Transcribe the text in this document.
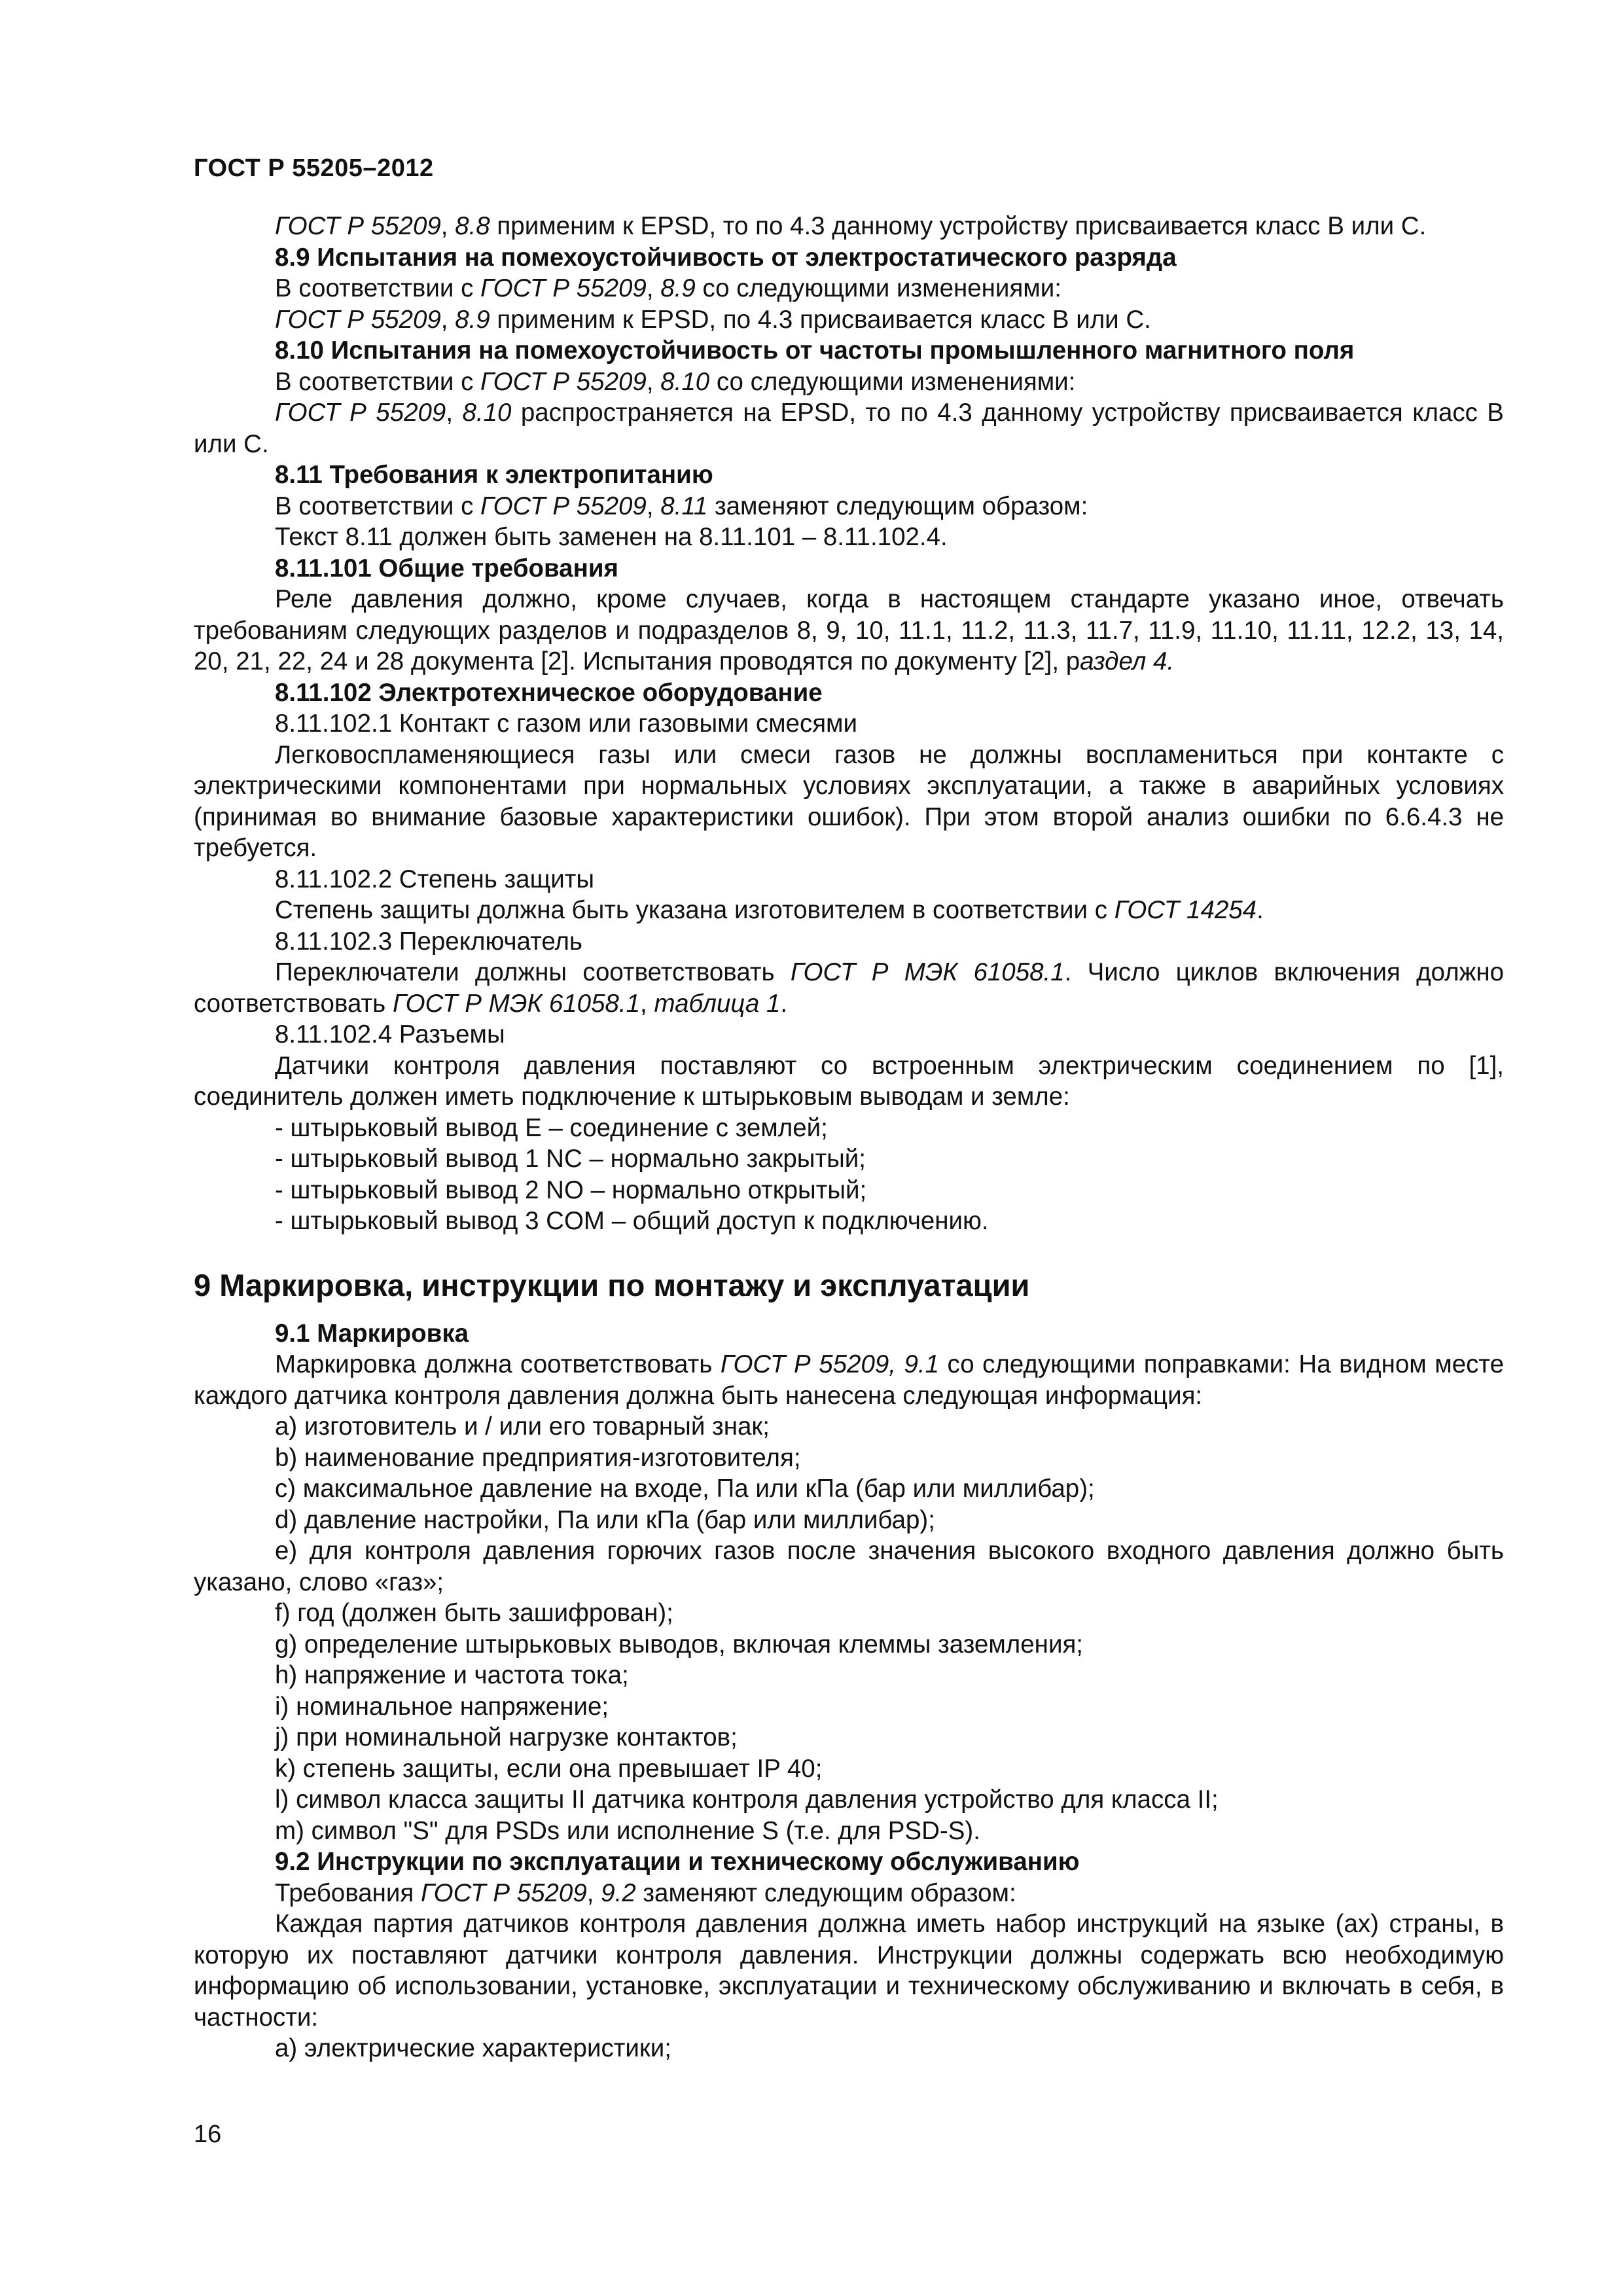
ГОСТ Р 55205–2012

ГОСТ Р 55209, 8.8 применим к EPSD, то по 4.3 данному устройству присваивается класс В или С.

8.9 Испытания на помехоустойчивость от электростатического разряда

В соответствии с ГОСТ Р 55209, 8.9 со следующими изменениями:

ГОСТ Р 55209, 8.9 применим к EPSD, по 4.3 присваивается класс В или С.

8.10 Испытания на помехоустойчивость от частоты промышленного магнитного поля

В соответствии с ГОСТ Р 55209, 8.10 со следующими изменениями:

ГОСТ Р 55209, 8.10 распространяется на EPSD, то по 4.3 данному устройству присваивается класс В или С.

8.11 Требования к электропитанию

В соответствии с ГОСТ Р 55209, 8.11 заменяют следующим образом:

Текст 8.11 должен быть заменен на 8.11.101 – 8.11.102.4.

8.11.101 Общие требования

Реле давления должно, кроме случаев, когда в настоящем стандарте указано иное, отвечать требованиям следующих разделов и подразделов 8, 9, 10, 11.1, 11.2, 11.3, 11.7, 11.9, 11.10, 11.11, 12.2, 13, 14, 20, 21, 22, 24 и 28 документа [2]. Испытания проводятся по документу [2], раздел 4.

8.11.102 Электротехническое оборудование

8.11.102.1 Контакт с газом или газовыми смесями

Легковоспламеняющиеся газы или смеси газов не должны воспламениться при контакте с электрическими компонентами при нормальных условиях эксплуатации, а также в аварийных условиях (принимая во внимание базовые характеристики ошибок). При этом второй анализ ошибки по 6.6.4.3 не требуется.

8.11.102.2 Степень защиты

Степень защиты должна быть указана изготовителем в соответствии с ГОСТ 14254.

8.11.102.3 Переключатель

Переключатели должны соответствовать ГОСТ Р МЭК 61058.1. Число циклов включения должно соответствовать ГОСТ Р МЭК 61058.1, таблица 1.

8.11.102.4 Разъемы

Датчики контроля давления поставляют со встроенным электрическим соединением по [1], соединитель должен иметь подключение к штырьковым выводам и земле:

- штырьковый вывод E – соединение с землей;

- штырьковый вывод 1 NC – нормально закрытый;

- штырьковый вывод 2 NO – нормально открытый;

- штырьковый вывод 3 COM – общий доступ к подключению.

9 Маркировка, инструкции по монтажу и эксплуатации

9.1 Маркировка

Маркировка должна соответствовать ГОСТ Р 55209, 9.1 со следующими поправками: На видном месте каждого датчика контроля давления должна быть нанесена следующая информация:

a) изготовитель и / или его товарный знак;

b) наименование предприятия-изготовителя;

c) максимальное давление на входе, Па или кПа (бар или миллибар);

d) давление настройки, Па или кПа (бар или миллибар);

e) для контроля давления горючих газов после значения высокого входного давления должно быть указано, слово «газ»;

f) год (должен быть зашифрован);

g) определение штырьковых выводов, включая клеммы заземления;

h) напряжение и частота тока;

i) номинальное напряжение;

j) при номинальной нагрузке контактов;

k) степень защиты, если она превышает IP 40;

l) символ класса защиты II датчика контроля давления устройство для класса II;

m) символ "S" для PSDs или исполнение S (т.е. для PSD-S).

9.2 Инструкции по эксплуатации и техническому обслуживанию

Требования ГОСТ Р 55209, 9.2 заменяют следующим образом:

Каждая партия датчиков контроля давления должна иметь набор инструкций на языке (ах) страны, в которую их поставляют датчики контроля давления. Инструкции должны содержать всю необходимую информацию об использовании, установке, эксплуатации и техническому обслуживанию и включать в себя, в частности:

a) электрические характеристики;

16
